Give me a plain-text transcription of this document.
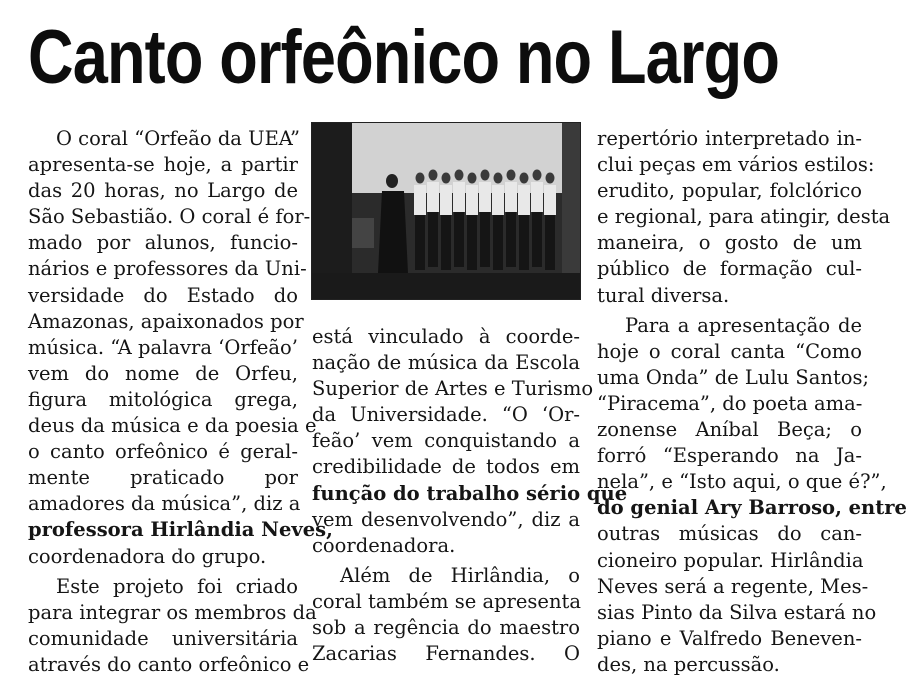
Canto orfeônico no Largo
O coral “Orfeão da UEA”
apresenta-se hoje, a partir
das 20 horas, no Largo de
São Sebastião. O coral é for-
mado por alunos, funcio-
nários e professores da Uni-
versidade do Estado do
Amazonas, apaixonados por
música. “A palavra ‘Orfeão’
vem do nome de Orfeu,
figura mitológica grega,
deus da música e da poesia e
o canto orfeônico é geral-
mente praticado por
amadores da música”, diz a
professora Hirlândia Neves,
coordenadora do grupo.
Este projeto foi criado
para integrar os membros da
comunidade universitária
através do canto orfeônico e
está vinculado à coorde-
nação de música da Escola
Superior de Artes e Turismo
da Universidade. “O ‘Or-
feão’ vem conquistando a
credibilidade de todos em
função do trabalho sério que
vem desenvolvendo”, diz a
coordenadora.
Além de Hirlândia, o
coral também se apresenta
sob a regência do maestro
Zacarias Fernandes. O
repertório interpretado in-
clui peças em vários estilos:
erudito, popular, folclórico
e regional, para atingir, desta
maneira, o gosto de um
público de formação cul-
tural diversa.
Para a apresentação de
hoje o coral canta “Como
uma Onda” de Lulu Santos;
“Piracema”, do poeta ama-
zonense Aníbal Beça; o
forró “Esperando na Ja-
nela”, e “Isto aqui, o que é?”,
do genial Ary Barroso, entre
outras músicas do can-
cioneiro popular. Hirlândia
Neves será a regente, Mes-
sias Pinto da Silva estará no
piano e Valfredo Beneven-
des, na percussão.
